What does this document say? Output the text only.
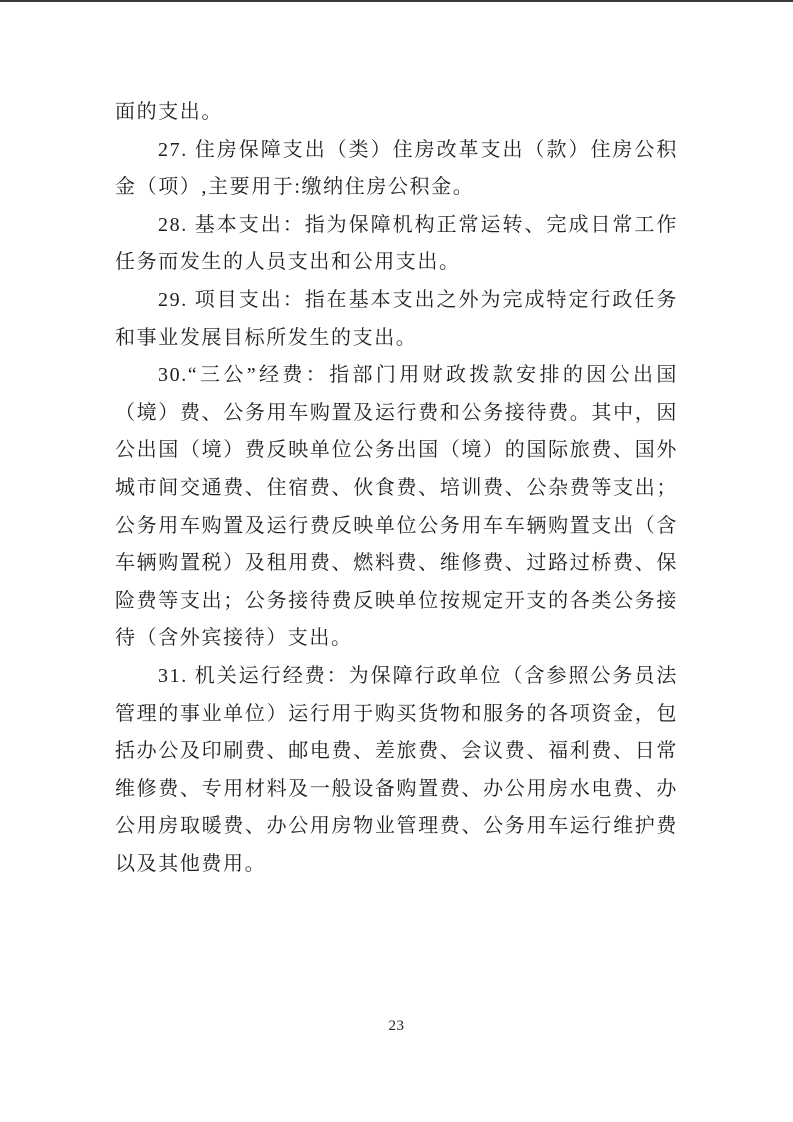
面的支出。

27. 住房保障支出（类）住房改革支出（款）住房公积金（项）,主要用于:缴纳住房公积金。

28. 基本支出：指为保障机构正常运转、完成日常工作任务而发生的人员支出和公用支出。

29. 项目支出：指在基本支出之外为完成特定行政任务和事业发展目标所发生的支出。

30.“三公”经费：指部门用财政拨款安排的因公出国（境）费、公务用车购置及运行费和公务接待费。其中，因公出国（境）费反映单位公务出国（境）的国际旅费、国外城市间交通费、住宿费、伙食费、培训费、公杂费等支出；公务用车购置及运行费反映单位公务用车车辆购置支出（含车辆购置税）及租用费、燃料费、维修费、过路过桥费、保险费等支出；公务接待费反映单位按规定开支的各类公务接待（含外宾接待）支出。

31. 机关运行经费：为保障行政单位（含参照公务员法管理的事业单位）运行用于购买货物和服务的各项资金，包括办公及印刷费、邮电费、差旅费、会议费、福利费、日常维修费、专用材料及一般设备购置费、办公用房水电费、办公用房取暖费、办公用房物业管理费、公务用车运行维护费以及其他费用。

23
